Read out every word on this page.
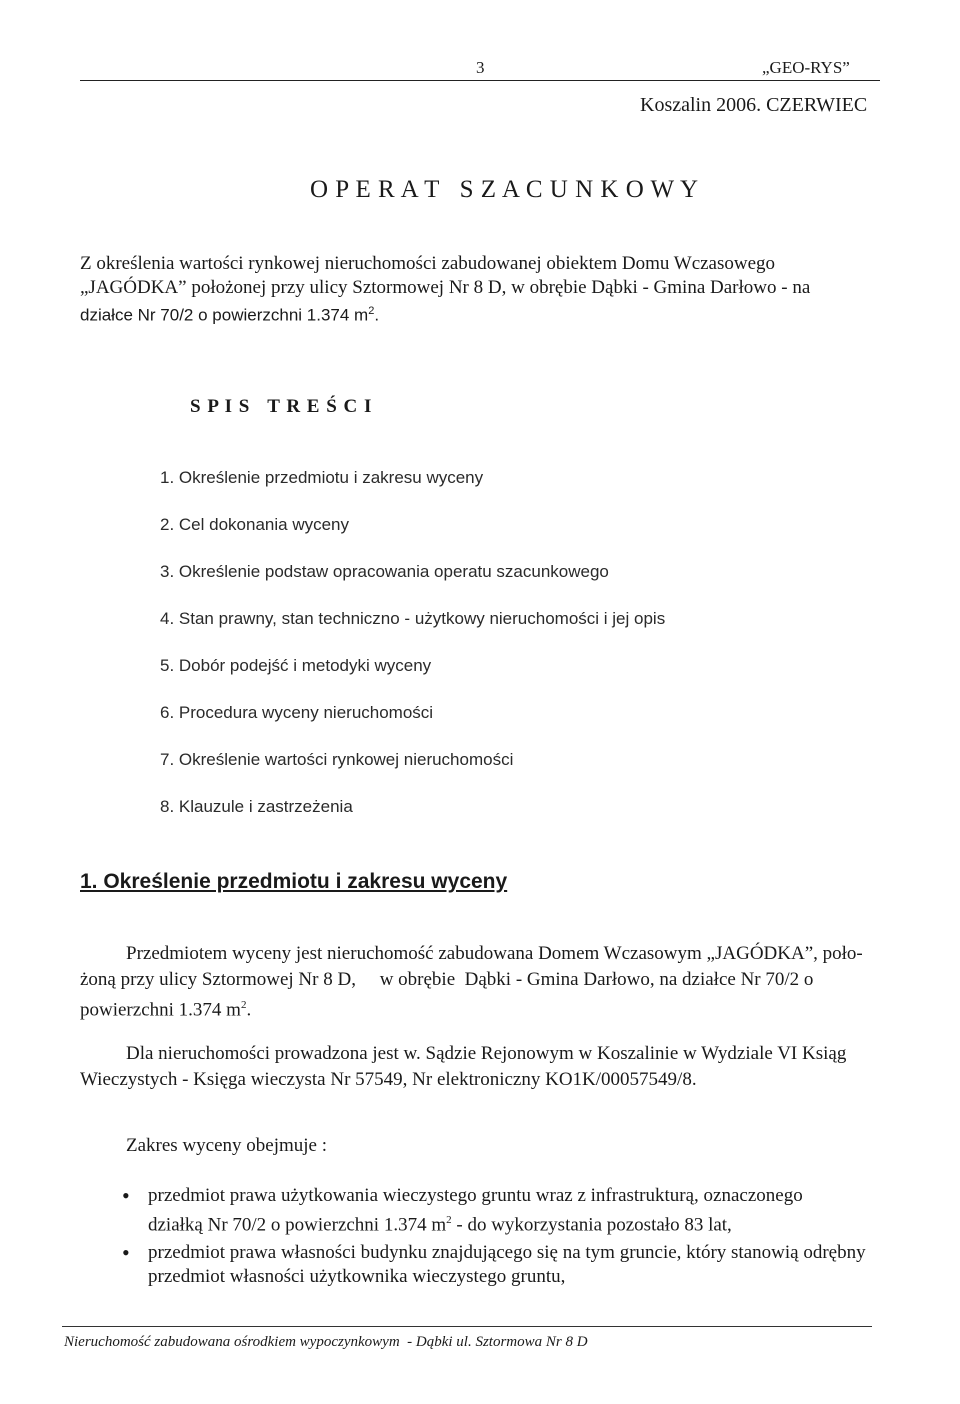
3	„GEO-RYS”
Koszalin 2006. CZERWIEC
O P E R A T   S Z A C U N K O W Y
Z określenia wartości rynkowej nieruchomości zabudowanej obiektem Domu Wczasowego
„JAGÓDKA” położonej przy ulicy Sztormowej Nr 8 D, w obrębie Dąbki - Gmina Darłowo - na
działce Nr 70/2 o powierzchni 1.374 $m^2$.
S P I S   T R E Ś C I
1. Określenie przedmiotu i zakresu wyceny
2. Cel dokonania wyceny
3. Określenie podstaw opracowania operatu szacunkowego
4. Stan prawny, stan techniczno - użytkowy nieruchomości i jej opis
5. Dobór podejść i metodyki wyceny
6. Procedura wyceny nieruchomości
7. Określenie wartości rynkowej nieruchomości
8. Klauzule i zastrzeżenia
1. Określenie przedmiotu i zakresu wyceny
Przedmiotem wyceny jest nieruchomość zabudowana Domem Wczasowym „JAGÓDKA”, poło-
żoną przy ulicy Sztormowej Nr 8 D,     w obrębie  Dąbki - Gmina Darłowo, na działce Nr 70/2 o
powierzchni 1.374 $m^2$.
Dla nieruchomości prowadzona jest w. Sądzie Rejonowym w Koszalinie w Wydziale VI Ksiąg
Wieczystych - Księga wieczysta Nr 57549, Nr elektroniczny KO1K/00057549/8.
Zakres wyceny obejmuje :
• przedmiot prawa użytkowania wieczystego gruntu wraz z infrastrukturą, oznaczonego
działką Nr 70/2 o powierzchni 1.374 $m^2$ - do wykorzystania pozostało 83 lat,
• przedmiot prawa własności budynku znajdującego się na tym gruncie, który stanowią odrębny
przedmiot własności użytkownika wieczystego gruntu,
Nieruchomość zabudowana ośrodkiem wypoczynkowym  - Dąbki ul. Sztormowa Nr 8 D
